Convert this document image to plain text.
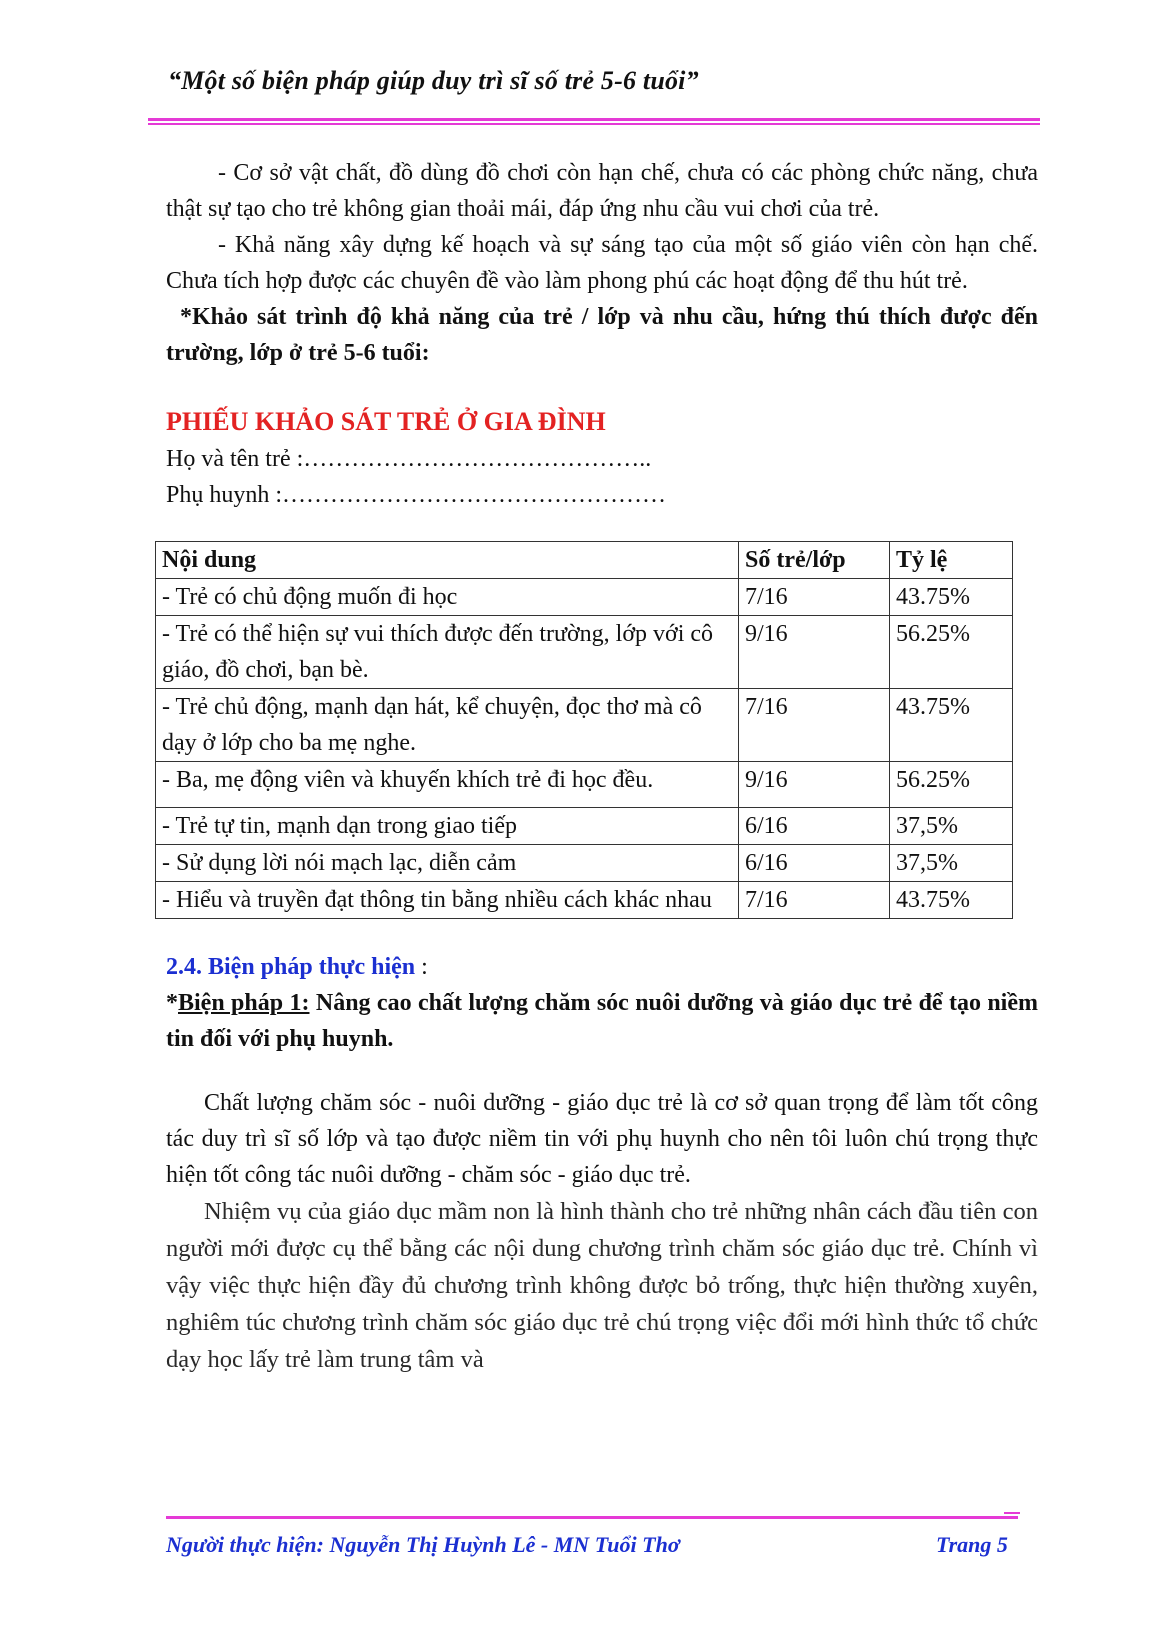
“Một số biện pháp giúp duy trì sĩ số trẻ 5-6 tuổi”

- Cơ sở vật chất, đồ dùng đồ chơi còn hạn chế, chưa có các phòng chức năng, chưa thật sự tạo cho trẻ không gian thoải mái, đáp ứng nhu cầu vui chơi của trẻ.

- Khả năng xây dựng kế hoạch và sự sáng tạo của một số giáo viên còn hạn chế. Chưa tích hợp được các chuyên đề vào làm phong phú các hoạt động để thu hút trẻ.

*Khảo sát trình độ khả năng của trẻ / lớp và nhu cầu, hứng thú thích được đến trường, lớp ở trẻ 5-6 tuổi:

PHIẾU KHẢO SÁT TRẺ Ở GIA ĐÌNH

Họ và tên trẻ :……………………………………..

Phụ huynh :…………………………………………

Nội dung	Số trẻ/lớp	Tỷ lệ
- Trẻ có chủ động muốn đi học	7/16	43.75%
- Trẻ có thể hiện sự vui thích được đến trường, lớp với cô giáo, đồ chơi, bạn bè.	9/16	56.25%
- Trẻ chủ động, mạnh dạn hát, kể chuyện, đọc thơ mà cô dạy ở lớp cho ba mẹ nghe.	7/16	43.75%
- Ba, mẹ động viên và khuyến khích trẻ đi học đều.	9/16	56.25%
- Trẻ tự tin, mạnh dạn trong giao tiếp	6/16	37,5%
- Sử dụng lời nói mạch lạc, diễn cảm	6/16	37,5%
- Hiểu và truyền đạt thông tin bằng nhiều cách khác nhau	7/16	43.75%

2.4. Biện pháp thực hiện :

*Biện pháp 1: Nâng cao chất lượng chăm sóc nuôi dưỡng và giáo dục trẻ để tạo niềm tin đối với phụ huynh.

Chất lượng chăm sóc - nuôi dưỡng - giáo dục trẻ là cơ sở quan trọng để làm tốt công tác duy trì sĩ số lớp và tạo được niềm tin với phụ huynh cho nên tôi luôn chú trọng thực hiện tốt công tác nuôi dưỡng - chăm sóc - giáo dục trẻ.

Nhiệm vụ của giáo dục mầm non là hình thành cho trẻ những nhân cách đầu tiên con người mới được cụ thể bằng các nội dung chương trình chăm sóc giáo dục trẻ. Chính vì vậy việc thực hiện đầy đủ chương trình không được bỏ trống, thực hiện thường xuyên, nghiêm túc chương trình chăm sóc giáo dục trẻ chú trọng việc đổi mới hình thức tổ chức dạy học lấy trẻ làm trung tâm và

Người thực hiện: Nguyễn Thị Huỳnh Lê - MN Tuổi Thơ	Trang 5
